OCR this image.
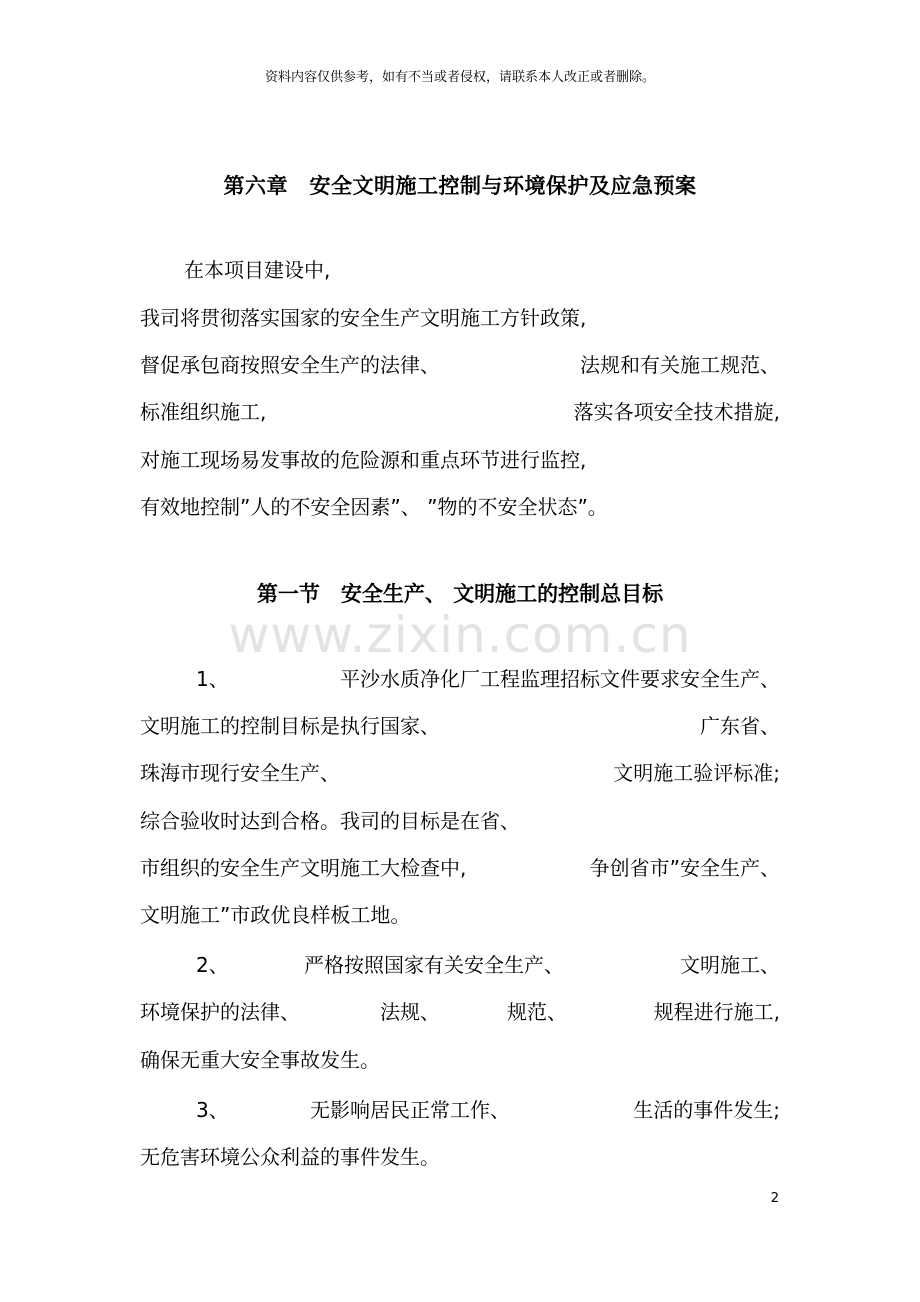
资料内容仅供参考，如有不当或者侵权，请联系本人改正或者删除。
第六章　安全文明施工控制与环境保护及应急预案
在本项目建设中,
我司将贯彻落实国家的安全生产文明施工方针政策,
督促承包商按照安全生产的法律、	法规和有关施工规范、
标准组织施工,	落实各项安全技术措旋,
对施工现场易发事故的危险源和重点环节进行监控,
有效地控制”人的不安全因素”、 ”物的不安全状态”。
第一节　安全生产、 文明施工的控制总目标
www.zixin.com.cn
1、	平沙水质净化厂工程监理招标文件要求安全生产、
文明施工的控制目标是执行国家、	广东省、
珠海市现行安全生产、	文明施工验评标准;
综合验收时达到合格。我司的目标是在省、
市组织的安全生产文明施工大检查中,	争创省市”安全生产、
文明施工”市政优良样板工地。
2、	严格按照国家有关安全生产、	文明施工、
环境保护的法律、	法规、	规范、	规程进行施工,
确保无重大安全事故发生。
3、	无影响居民正常工作、	生活的事件发生;
无危害环境公众利益的事件发生。
2
